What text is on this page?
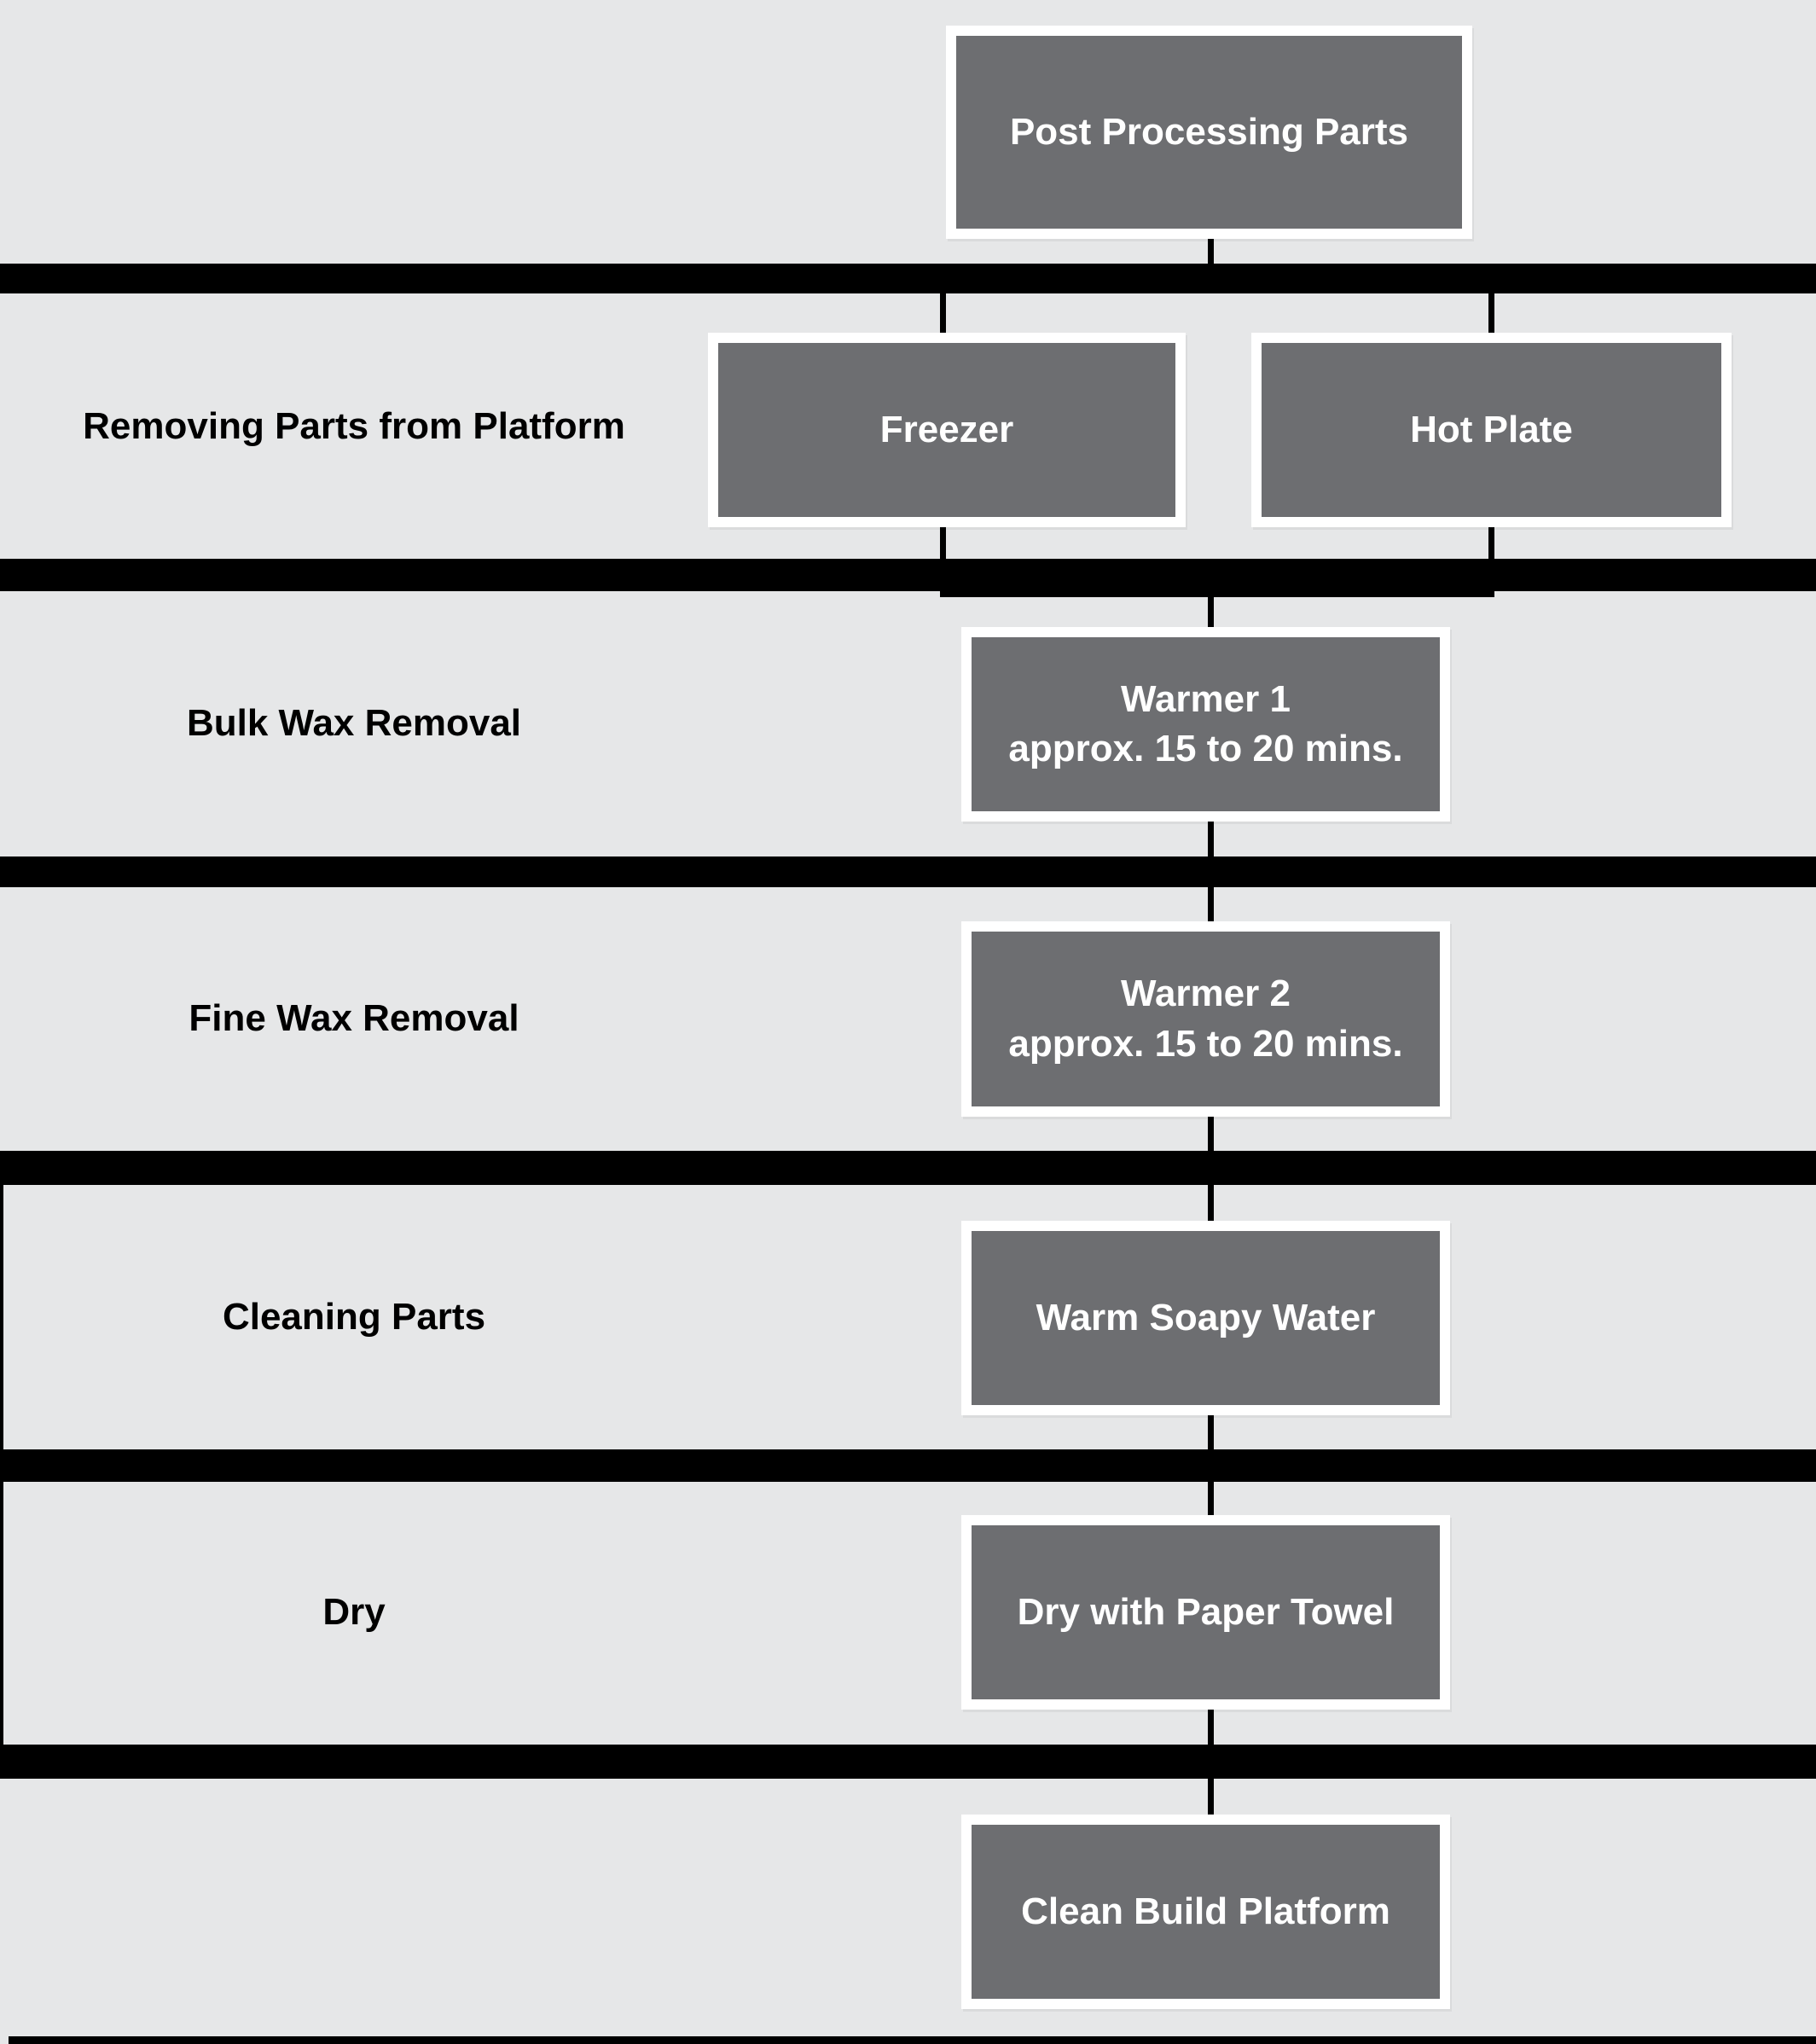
Removing Parts from Platform
Bulk Wax Removal
Fine Wax Removal
Cleaning Parts
Dry
Post Processing Parts
Freezer	Hot Plate
Warmer 1
approx. 15 to 20 mins.
Warmer 2
approx. 15 to 20 mins.
Warm Soapy Water
Dry with Paper Towel
Clean Build Platform
